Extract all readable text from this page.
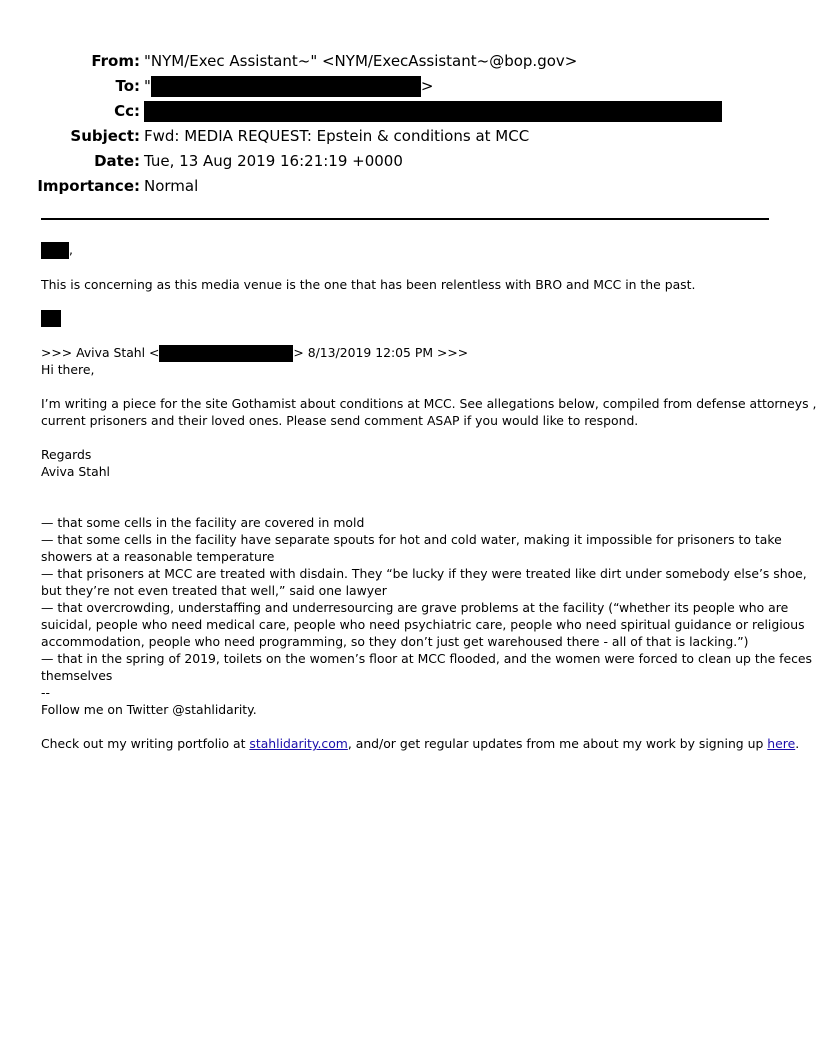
From: "NYM/Exec Assistant~" <NYM/ExecAssistant~@bop.gov>
To: "	>
Cc:
Subject: Fwd: MEDIA REQUEST: Epstein & conditions at MCC
Date: Tue, 13 Aug 2019 16:21:19 +0000
Importance: Normal
,
This is concerning as this media venue is the one that has been relentless with BRO and MCC in the past.
>>> Aviva Stahl <	> 8/13/2019 12:05 PM >>>
Hi there,
I’m writing a piece for the site Gothamist about conditions at MCC. See allegations below, compiled from defense attorneys ,
current prisoners and their loved ones. Please send comment ASAP if you would like to respond.
Regards
Aviva Stahl
— that some cells in the facility are covered in mold
— that some cells in the facility have separate spouts for hot and cold water, making it impossible for prisoners to take
showers at a reasonable temperature
— that prisoners at MCC are treated with disdain. They “be lucky if they were treated like dirt under somebody else’s shoe,
but they’re not even treated that well,” said one lawyer
— that overcrowding, understaffing and underresourcing are grave problems at the facility (“whether its people who are
suicidal, people who need medical care, people who need psychiatric care, people who need spiritual guidance or religious
accommodation, people who need programming, so they don’t just get warehoused there - all of that is lacking.”)
— that in the spring of 2019, toilets on the women’s floor at MCC flooded, and the women were forced to clean up the feces
themselves
--
Follow me on Twitter @stahlidarity.
Check out my writing portfolio at stahlidarity.com, and/or get regular updates from me about my work by signing up here.
